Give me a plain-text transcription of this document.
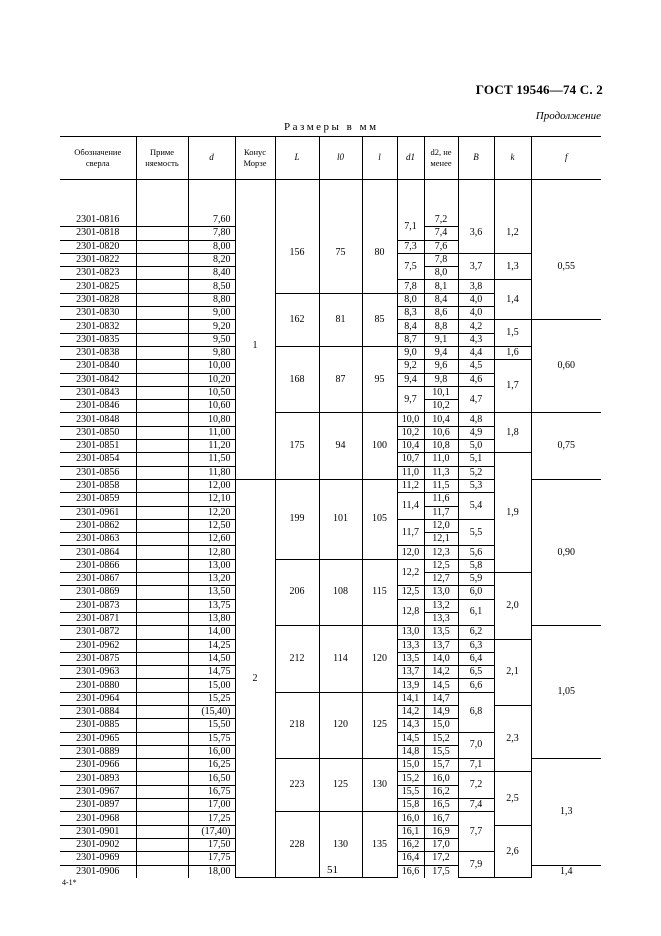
ГОСТ 19546—74 С. 2
Продолжение
Размеры в мм
Обозначение сверла	Приме няемость	d	Конус Морзе	L	l0	l	d1	d2, не менее	B	k	f

2301-0816		7,60	1	156	75	80	7,1	7,2	3,6	1,2	0,55
2301-0818		7,80						7,4			
2301-0820		8,00					7,3	7,6			
2301-0822		8,20					7,5	7,8	3,7	1,3	
2301-0823		8,40						8,0			
2301-0825		8,50					7,8	8,1	3,8	1,4	
2301-0828		8,80		162	81	85	8,0	8,4	4,0		
2301-0830		9,00					8,3	8,6	4,0		
2301-0832		9,20					8,4	8,8	4,2	1,5	0,60
2301-0835		9,50					8,7	9,1	4,3		
2301-0838		9,80		168	87	95	9,0	9,4	4,4	1,6	
2301-0840		10,00					9,2	9,6	4,5	1,7	
2301-0842		10,20					9,4	9,8	4,6		
2301-0843		10,50					9,7	10,1	4,7		
2301-0846		10,60						10,2			
2301-0848		10,80		175	94	100	10,0	10,4	4,8	1,8	0,75
2301-0850		11,00					10,2	10,6	4,9		
2301-0851		11,20					10,4	10,8	5,0		
2301-0854		11,50					10,7	11,0	5,1	1,9	
2301-0856		11,80					11,0	11,3	5,2		
2301-0858		12,00	2	199	101	105	11,2	11,5	5,3		0,90
2301-0859		12,10					11,4	11,6	5,4		
2301-0961		12,20						11,7			
2301-0862		12,50					11,7	12,0	5,5		
2301-0863		12,60						12,1			
2301-0864		12,80					12,0	12,3	5,6		
2301-0866		13,00		206	108	115	12,2	12,5	5,8		
2301-0867		13,20						12,7	5,9	2,0	
2301-0869		13,50					12,5	13,0	6,0		
2301-0873		13,75					12,8	13,2	6,1		
2301-0871		13,80						13,3			
2301-0872		14,00		212	114	120	13,0	13,5	6,2		1,05
2301-0962		14,25					13,3	13,7	6,3	2,1	
2301-0875		14,50					13,5	14,0	6,4		
2301-0963		14,75					13,7	14,2	6,5		
2301-0880		15,00					13,9	14,5	6,6		
2301-0964		15,25		218	120	125	14,1	14,7	6,8		
2301-0884		(15,40)					14,2	14,9		2,3	
2301-0885		15,50					14,3	15,0			
2301-0965		15,75					14,5	15,2	7,0		
2301-0889		16,00					14,8	15,5			
2301-0966		16,25		223	125	130	15,0	15,7	7,1		1,3
2301-0893		16,50					15,2	16,0	7,2	2,5	
2301-0967		16,75					15,5	16,2			
2301-0897		17,00					15,8	16,5	7,4		
2301-0968		17,25		228	130	135	16,0	16,7	7,7		
2301-0901		(17,40)					16,1	16,9		2,6	
2301-0902		17,50					16,2	17,0			
2301-0969		17,75					16,4	17,2	7,9		
2301-0906		18,00					16,6	17,5			1,4
51
4-1*
